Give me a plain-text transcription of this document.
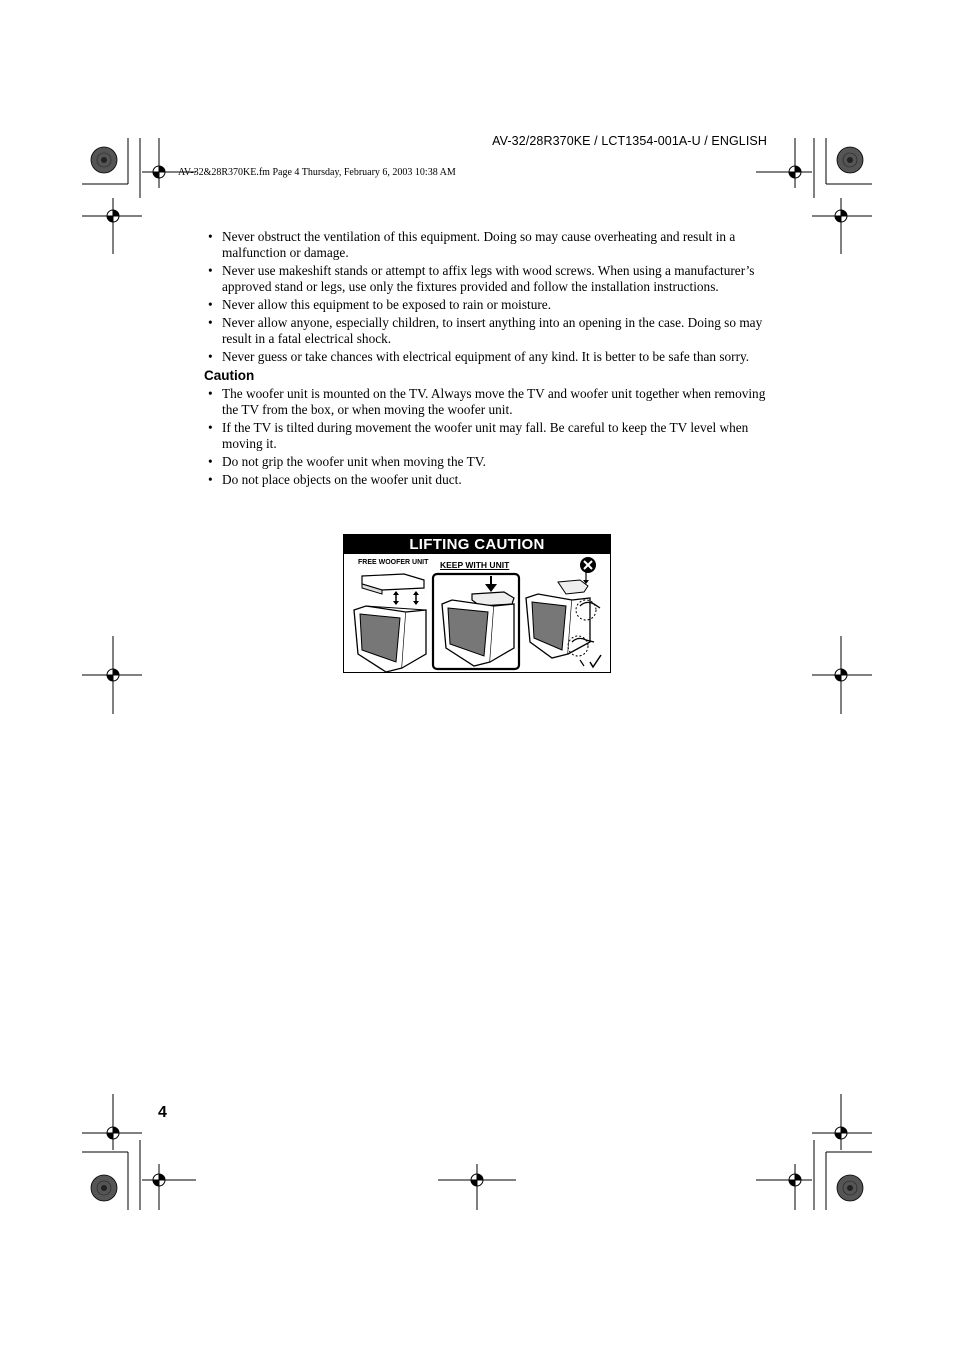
AV-32/28R370KE / LCT1354-001A-U / ENGLISH
AV-32&28R370KE.fm Page 4 Thursday, February 6, 2003 10:38 AM
• Never obstruct the ventilation of this equipment. Doing so may cause overheating and result in a malfunction or damage.
• Never use makeshift stands or attempt to affix legs with wood screws. When using a manufacturer’s approved stand or legs, use only the fixtures provided and follow the installation instructions.
• Never allow this equipment to be exposed to rain or moisture.
• Never allow anyone, especially children, to insert anything into an opening in the case. Doing so may result in a fatal electrical shock.
• Never guess or take chances with electrical equipment of any kind. It is better to be safe than sorry.
Caution
• The woofer unit is mounted on the TV. Always move the TV and woofer unit together when removing the TV from the box, or when moving the woofer unit.
• If the TV is tilted during movement the woofer unit may fall. Be careful to keep the TV level when moving it.
• Do not grip the woofer unit when moving the TV.
• Do not place objects on the woofer unit duct.
LIFTING CAUTION
FREE WOOFER UNIT KEEP WITH UNIT
4
